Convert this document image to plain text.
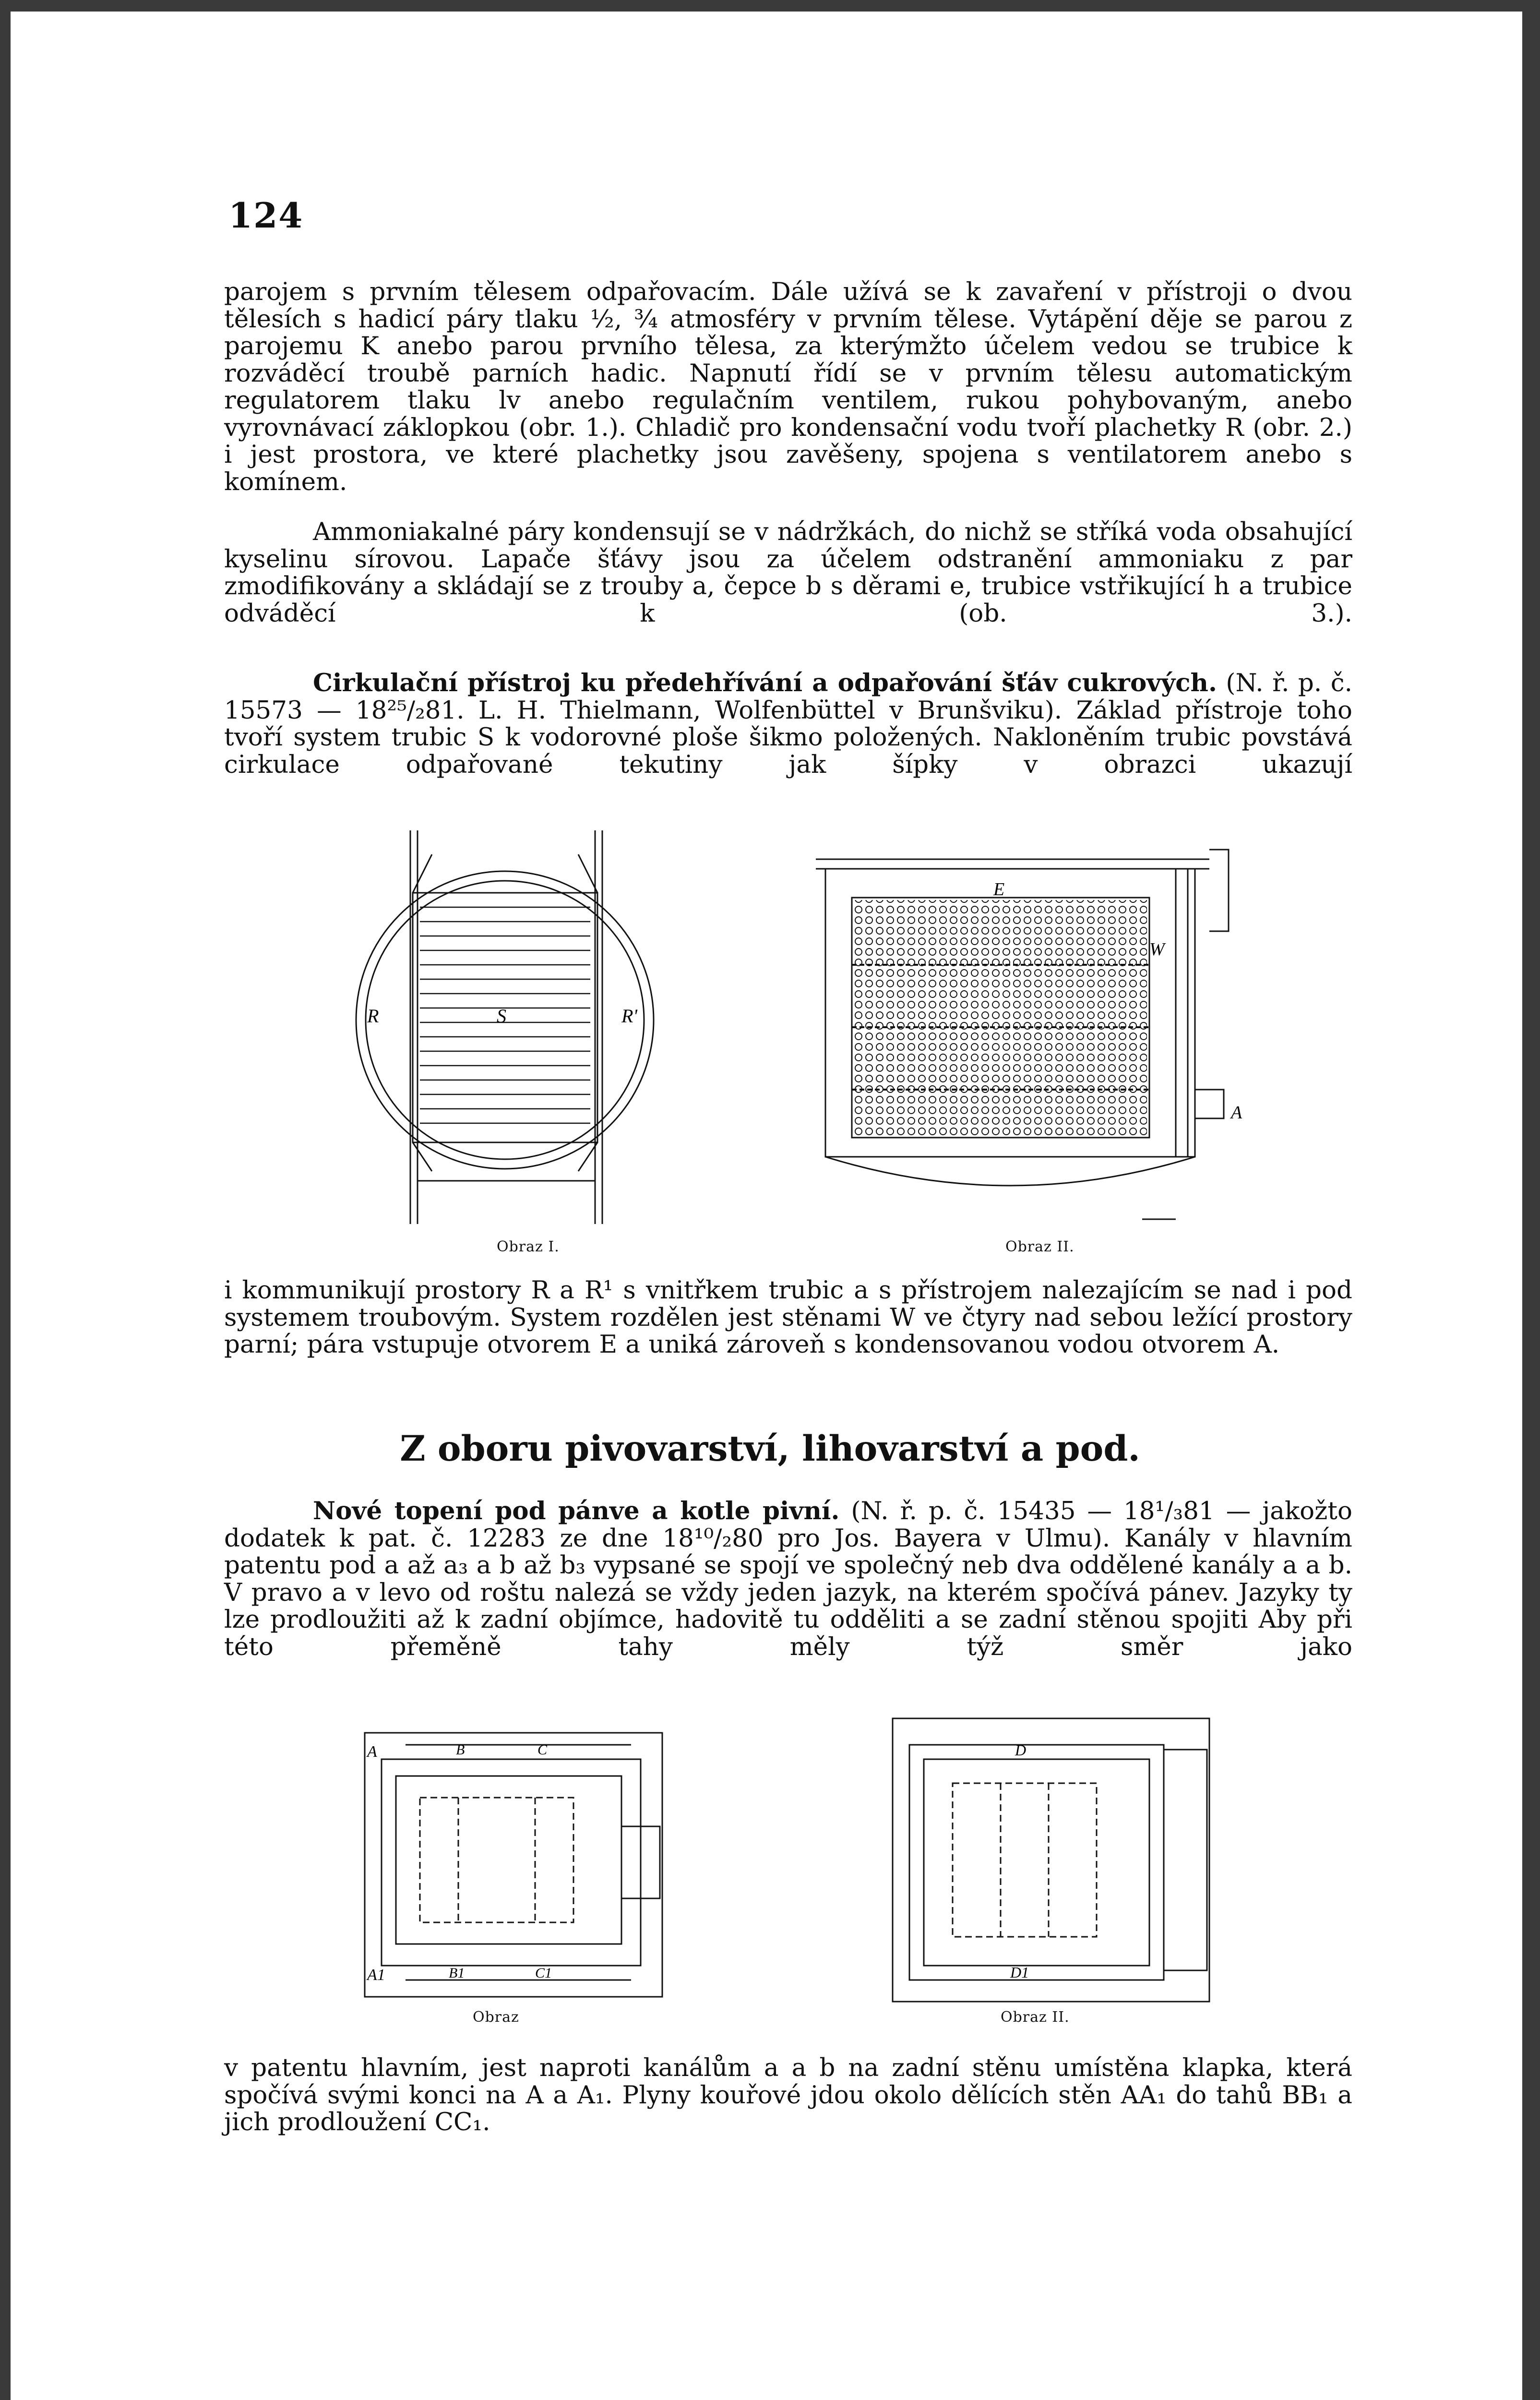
124

parojem s prvním tělesem odpařovacím. Dále užívá se k zavaření v přístroji o dvou tělesích s hadicí páry tlaku ½, ¾ atmosféry v prvním tělese. Vytápění děje se parou z parojemu K anebo parou prvního tělesa, za kterýmžto účelem vedou se trubice k rozváděcí troubě parních hadic. Napnutí řídí se v prvním tělesu automatickým regulatorem tlaku lv anebo regulačním ventilem, rukou pohybovaným, anebo vyrovnávací záklopkou (obr. 1.). Chladič pro kondensační vodu tvoří plachetky R (obr. 2.) i jest prostora, ve které plachetky jsou zavěšeny, spojena s ventilatorem anebo s komínem.

Ammoniakalné páry kondensují se v nádržkách, do nichž se stříká voda obsahující kyselinu sírovou. Lapače šťávy jsou za účelem odstranění ammoniaku z par zmodifikovány a skládají se z trouby a, čepce b s děrami e, trubice vstřikující h a trubice odváděcí k (ob. 3.).

Cirkulační přístroj ku předehřívání a odpařování šťáv cukrových. (N. ř. p. č. 15573 — 18²⁵/₂81. L. H. Thielmann, Wolfenbüttel v Brunšviku). Základ přístroje toho tvoří system trubic S k vodorovné ploše šikmo položených. Nakloněním trubic povstává cirkulace odpařované tekutiny jak šípky v obrazci ukazují

R	S	R'
E
W
A
Obraz I.	Obraz II.

i kommunikují prostory R a R¹ s vnitřkem trubic a s přístrojem nalezajícím se nad i pod systemem troubovým. System rozdělen jest stěnami W ve čtyry nad sebou ležící prostory parní; pára vstupuje otvorem E a uniká zároveň s kondensovanou vodou otvorem A.

Z oboru pivovarství, lihovarství a pod.

Nové topení pod pánve a kotle pivní. (N. ř. p. č. 15435 — 18¹/₃81 — jakožto dodatek k pat. č. 12283 ze dne 18¹⁰/₂80 pro Jos. Bayera v Ulmu). Kanály v hlavním patentu pod a až a₃ a b až b₃ vypsané se spojí ve společný neb dva oddělené kanály a a b. V pravo a v levo od roštu nalezá se vždy jeden jazyk, na kterém spočívá pánev. Jazyky ty lze prodloužiti až k zadní objímce, hadovitě tu odděliti a se zadní stěnou spojiti Aby při této přeměně tahy měly týž směr jako

A	B	C
B1	C1
A1
D
D1
Obraz	Obraz II.

v patentu hlavním, jest naproti kanálům a a b na zadní stěnu umístěna klapka, která spočívá svými konci na A a A₁. Plyny kouřové jdou okolo dělících stěn AA₁ do tahů BB₁ a jich prodloužení CC₁.
